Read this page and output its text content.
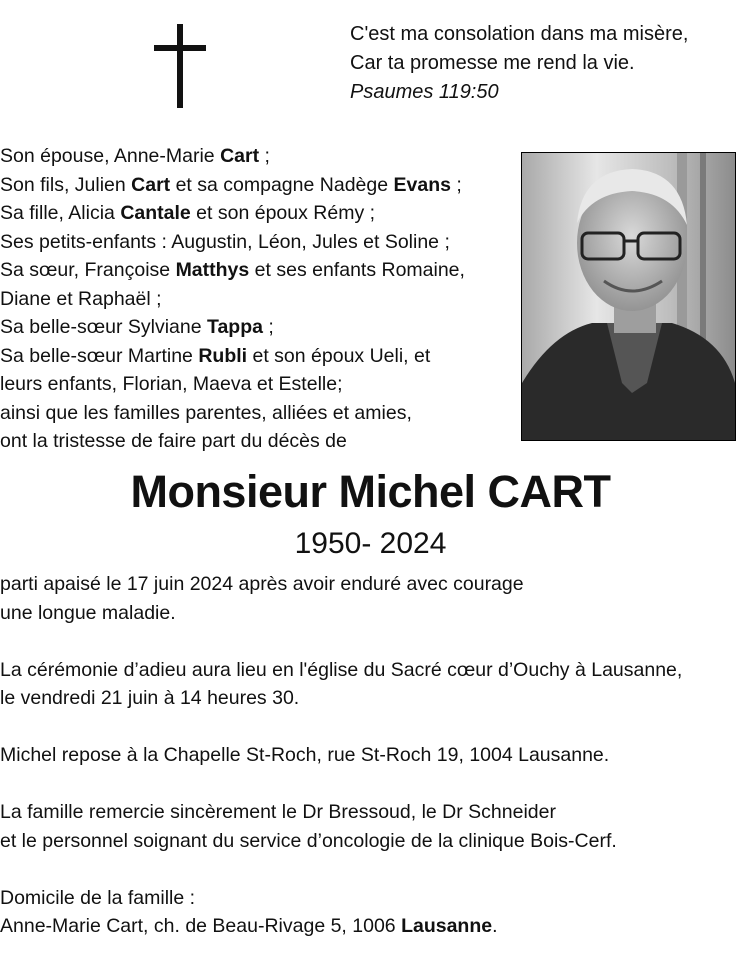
C'est ma consolation dans ma misère,
Car ta promesse me rend la vie.
Psaumes 119:50
Son épouse, Anne-Marie Cart ;
Son fils, Julien Cart et sa compagne Nadège Evans ;
Sa fille, Alicia Cantale et son époux Rémy ;
Ses petits-enfants : Augustin, Léon, Jules et Soline ;
Sa sœur, Françoise Matthys et ses enfants Romaine,
Diane et Raphaël ;
Sa belle-sœur Sylviane Tappa ;
Sa belle-sœur Martine Rubli et son époux Ueli, et
leurs enfants, Florian, Maeva et Estelle;
ainsi que les familles parentes, alliées et amies,
ont la tristesse de faire part du décès de
Monsieur Michel CART
1950- 2024

parti apaisé le 17 juin 2024 après avoir enduré avec courage
une longue maladie.

La cérémonie d’adieu aura lieu en l'église du Sacré cœur d’Ouchy à Lausanne,
le vendredi 21 juin à 14 heures 30.

Michel repose à la Chapelle St-Roch, rue St-Roch 19, 1004 Lausanne.

La famille remercie sincèrement le Dr Bressoud, le Dr Schneider
et le personnel soignant du service d’oncologie de la clinique Bois-Cerf.

Domicile de la famille :
Anne-Marie Cart, ch. de Beau-Rivage 5, 1006 Lausanne.
